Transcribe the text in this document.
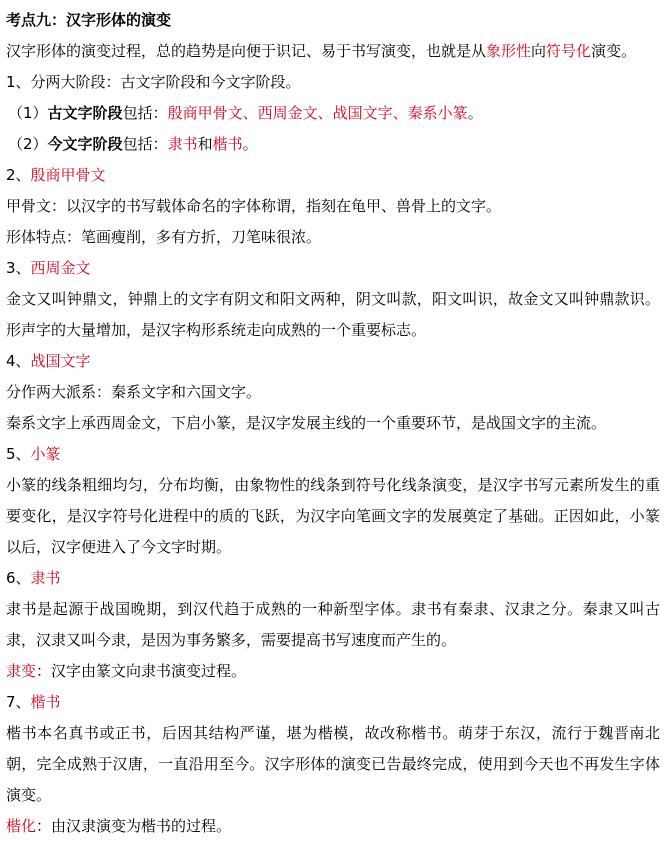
考点九：汉字形体的演变
汉字形体的演变过程，总的趋势是向便于识记、易于书写演变，也就是从象形性向符号化演变。
1、分两大阶段：古文字阶段和今文字阶段。
（1）古文字阶段包括：殷商甲骨文、西周金文、战国文字、秦系小篆。
（2）今文字阶段包括：隶书和楷书。
2、殷商甲骨文
甲骨文：以汉字的书写载体命名的字体称谓，指刻在龟甲、兽骨上的文字。
形体特点：笔画瘦削，多有方折，刀笔味很浓。
3、西周金文
金文又叫钟鼎文，钟鼎上的文字有阴文和阳文两种，阴文叫款，阳文叫识，故金文又叫钟鼎款识。形声字的大量增加，是汉字构形系统走向成熟的一个重要标志。
4、战国文字
分作两大派系：秦系文字和六国文字。
秦系文字上承西周金文，下启小篆，是汉字发展主线的一个重要环节，是战国文字的主流。
5、小篆
小篆的线条粗细均匀，分布均衡，由象物性的线条到符号化线条演变，是汉字书写元素所发生的重要变化，是汉字符号化进程中的质的飞跃，为汉字向笔画文字的发展奠定了基础。正因如此，小篆以后，汉字便进入了今文字时期。
6、隶书
隶书是起源于战国晚期，到汉代趋于成熟的一种新型字体。隶书有秦隶、汉隶之分。秦隶又叫古隶，汉隶又叫今隶，是因为事务繁多，需要提高书写速度而产生的。
隶变：汉字由篆文向隶书演变过程。
7、楷书
楷书本名真书或正书，后因其结构严谨，堪为楷模，故改称楷书。萌芽于东汉，流行于魏晋南北朝，完全成熟于汉唐，一直沿用至今。汉字形体的演变已告最终完成，使用到今天也不再发生字体演变。
楷化：由汉隶演变为楷书的过程。
